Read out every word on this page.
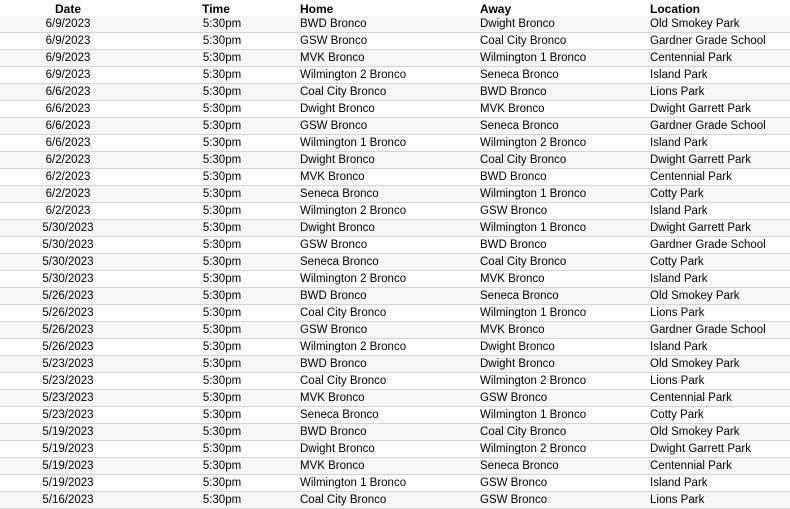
Date	Time	Home	Away	Location
6/9/2023	5:30pm	BWD Bronco	Dwight Bronco	Old Smokey Park
6/9/2023	5:30pm	GSW Bronco	Coal City Bronco	Gardner Grade School
6/9/2023	5:30pm	MVK Bronco	Wilmington 1 Bronco	Centennial Park
6/9/2023	5:30pm	Wilmington 2 Bronco	Seneca Bronco	Island Park
6/6/2023	5:30pm	Coal City Bronco	BWD Bronco	Lions Park
6/6/2023	5:30pm	Dwight Bronco	MVK Bronco	Dwight Garrett Park
6/6/2023	5:30pm	GSW Bronco	Seneca Bronco	Gardner Grade School
6/6/2023	5:30pm	Wilmington 1 Bronco	Wilmington 2 Bronco	Island Park
6/2/2023	5:30pm	Dwight Bronco	Coal City Bronco	Dwight Garrett Park
6/2/2023	5:30pm	MVK Bronco	BWD Bronco	Centennial Park
6/2/2023	5:30pm	Seneca Bronco	Wilmington 1 Bronco	Cotty Park
6/2/2023	5:30pm	Wilmington 2 Bronco	GSW Bronco	Island Park
5/30/2023	5:30pm	Dwight Bronco	Wilmington 1 Bronco	Dwight Garrett Park
5/30/2023	5:30pm	GSW Bronco	BWD Bronco	Gardner Grade School
5/30/2023	5:30pm	Seneca Bronco	Coal City Bronco	Cotty Park
5/30/2023	5:30pm	Wilmington 2 Bronco	MVK Bronco	Island Park
5/26/2023	5:30pm	BWD Bronco	Seneca Bronco	Old Smokey Park
5/26/2023	5:30pm	Coal City Bronco	Wilmington 1 Bronco	Lions Park
5/26/2023	5:30pm	GSW Bronco	MVK Bronco	Gardner Grade School
5/26/2023	5:30pm	Wilmington 2 Bronco	Dwight Bronco	Island Park
5/23/2023	5:30pm	BWD Bronco	Dwight Bronco	Old Smokey Park
5/23/2023	5:30pm	Coal City Bronco	Wilmington 2 Bronco	Lions Park
5/23/2023	5:30pm	MVK Bronco	GSW Bronco	Centennial Park
5/23/2023	5:30pm	Seneca Bronco	Wilmington 1 Bronco	Cotty Park
5/19/2023	5:30pm	BWD Bronco	Coal City Bronco	Old Smokey Park
5/19/2023	5:30pm	Dwight Bronco	Wilmington 2 Bronco	Dwight Garrett Park
5/19/2023	5:30pm	MVK Bronco	Seneca Bronco	Centennial Park
5/19/2023	5:30pm	Wilmington 1 Bronco	GSW Bronco	Island Park
5/16/2023	5:30pm	Coal City Bronco	GSW Bronco	Lions Park
